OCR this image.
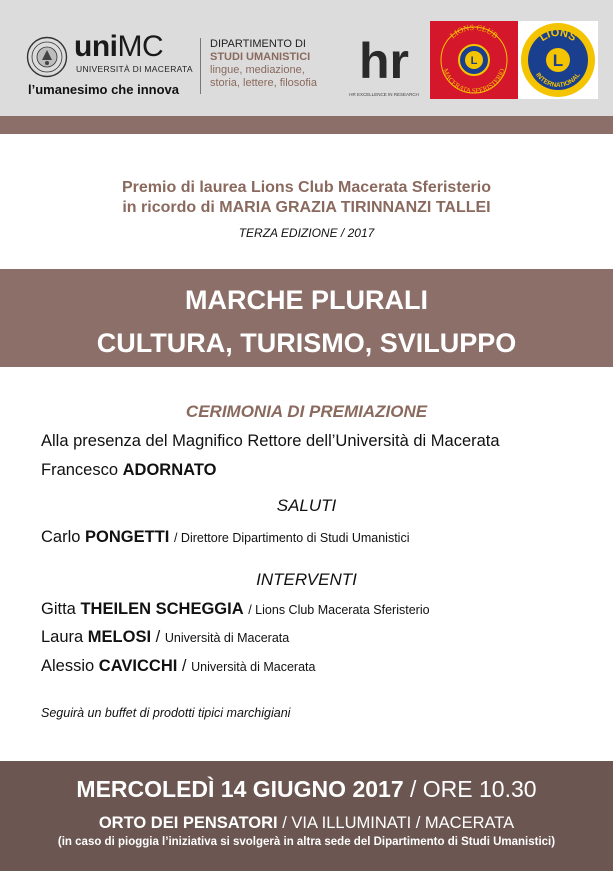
uniMC
UNIVERSITÀ DI MACERATA
l’umanesimo che innova
DIPARTIMENTO DI
STUDI UMANISTICI
lingue, mediazione,
storia, lettere, filosofia hr
HR EXCELLENCE IN RESEARCH
LIONS CLUB
MACERATA SFERISTERIO
L
LIONS
INTERNATIONAL
L
Premio di laurea Lions Club Macerata Sferisterio
in ricordo di MARIA GRAZIA TIRINNANZI TALLEI
TERZA EDIZIONE / 2017
MARCHE PLURALI
CULTURA, TURISMO, SVILUPPO
CERIMONIA DI PREMIAZIONE
Alla presenza del Magnifico Rettore dell’Università di Macerata
Francesco ADORNATO
SALUTI
Carlo PONGETTI / Direttore Dipartimento di Studi Umanistici
INTERVENTI
Gitta THEILEN SCHEGGIA / Lions Club Macerata Sferisterio
Laura MELOSI / Università di Macerata
Alessio CAVICCHI / Università di Macerata
Seguirà un buffet di prodotti tipici marchigiani
MERCOLEDÌ 14 GIUGNO 2017 / ORE 10.30
ORTO DEI PENSATORI / VIA ILLUMINATI / MACERATA
(in caso di pioggia l’iniziativa si svolgerà in altra sede del Dipartimento di Studi Umanistici)
